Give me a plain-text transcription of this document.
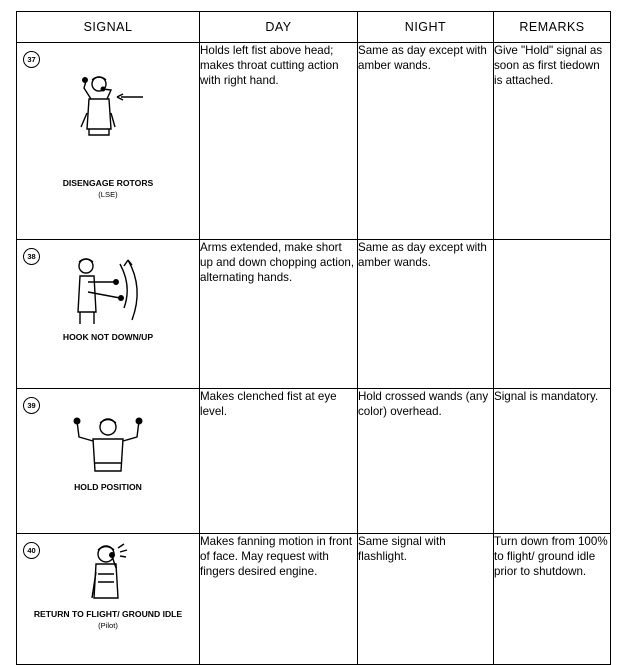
SIGNAL	DAY	NIGHT	REMARKS

37
DISENGAGE ROTORS
(LSE)	Holds left fist above head; makes throat cutting action with right hand.	Same as day except with amber wands.	Give "Hold" signal as soon as first tiedown is attached.

38
HOOK NOT DOWN/UP	Arms extended, make short up and down chopping action, alternating hands.	Same as day except with amber wands.	

39
HOLD POSITION	Makes clenched fist at eye level.	Hold crossed wands (any color) overhead.	Signal is mandatory.

40
RETURN TO FLIGHT/ GROUND IDLE
(Pilot)	Makes fanning motion in front of face. May request with fingers desired engine.	Same signal with flashlight.	Turn down from 100% to flight/ ground idle prior to shutdown.
